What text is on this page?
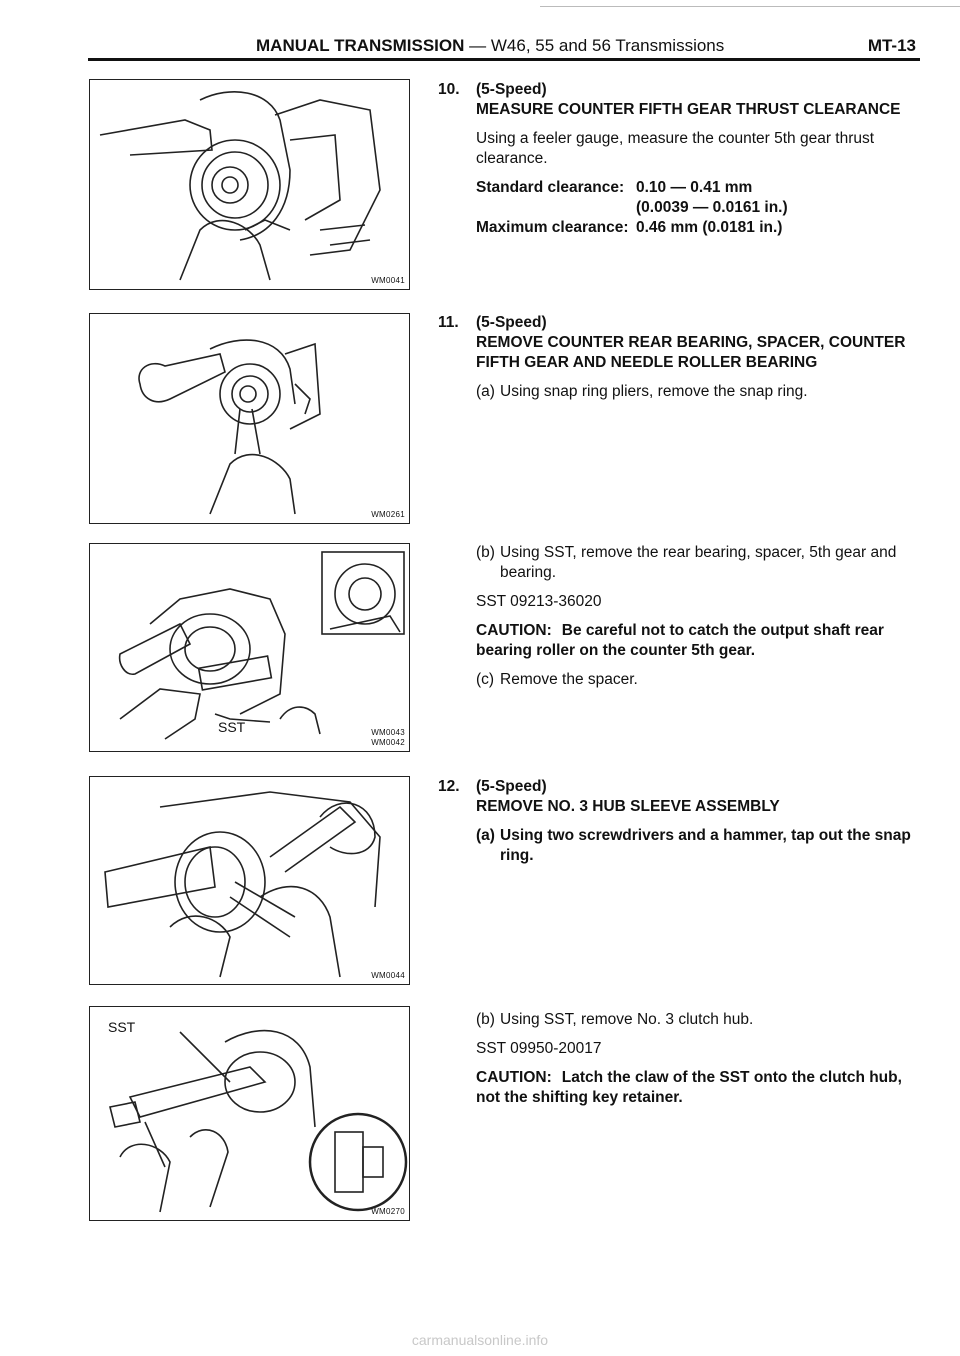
MANUAL TRANSMISSION — W46, 55 and 56 Transmissions	MT-13
WM0041
WM0261
SST	WM0043
WM0042
WM0044
SST
WM0270
10. (5-Speed)
MEASURE COUNTER FIFTH GEAR THRUST CLEARANCE
Using a feeler gauge, measure the counter 5th gear thrust clearance.
Standard clearance: 0.10 — 0.41 mm
(0.0039 — 0.0161 in.)
Maximum clearance: 0.46 mm (0.0181 in.)
11. (5-Speed)
REMOVE COUNTER REAR BEARING, SPACER, COUNTER FIFTH GEAR AND NEEDLE ROLLER BEARING
(a) Using snap ring pliers, remove the snap ring.
(b) Using SST, remove the rear bearing, spacer, 5th gear and bearing.
SST 09213-36020
CAUTION: Be careful not to catch the output shaft rear bearing roller on the counter 5th gear.
(c) Remove the spacer.
12. (5-Speed)
REMOVE NO. 3 HUB SLEEVE ASSEMBLY
(a) Using two screwdrivers and a hammer, tap out the snap ring.
(b) Using SST, remove No. 3 clutch hub.
SST 09950-20017
CAUTION: Latch the claw of the SST onto the clutch hub, not the shifting key retainer.
carmanualsonline.info
